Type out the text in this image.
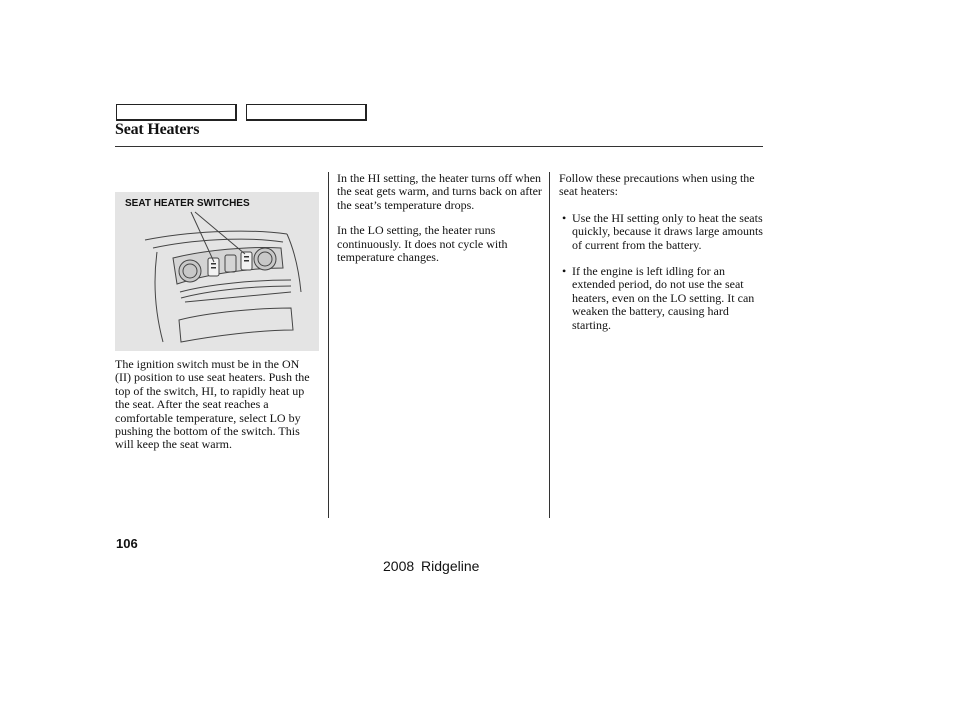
Seat Heaters
SEAT HEATER SWITCHES

The ignition switch must be in the ON (II) position to use seat heaters. Push the top of the switch, HI, to rapidly heat up the seat. After the seat reaches a comfortable temperature, select LO by pushing the bottom of the switch. This will keep the seat warm.

In the HI setting, the heater turns off when the seat gets warm, and turns back on after the seat’s temperature drops.

In the LO setting, the heater runs continuously. It does not cycle with temperature changes.

Follow these precautions when using the seat heaters:

• Use the HI setting only to heat the seats quickly, because it draws large amounts of current from the battery.
• If the engine is left idling for an extended period, do not use the seat heaters, even on the LO setting. It can weaken the battery, causing hard starting.
106
2008 Ridgeline
